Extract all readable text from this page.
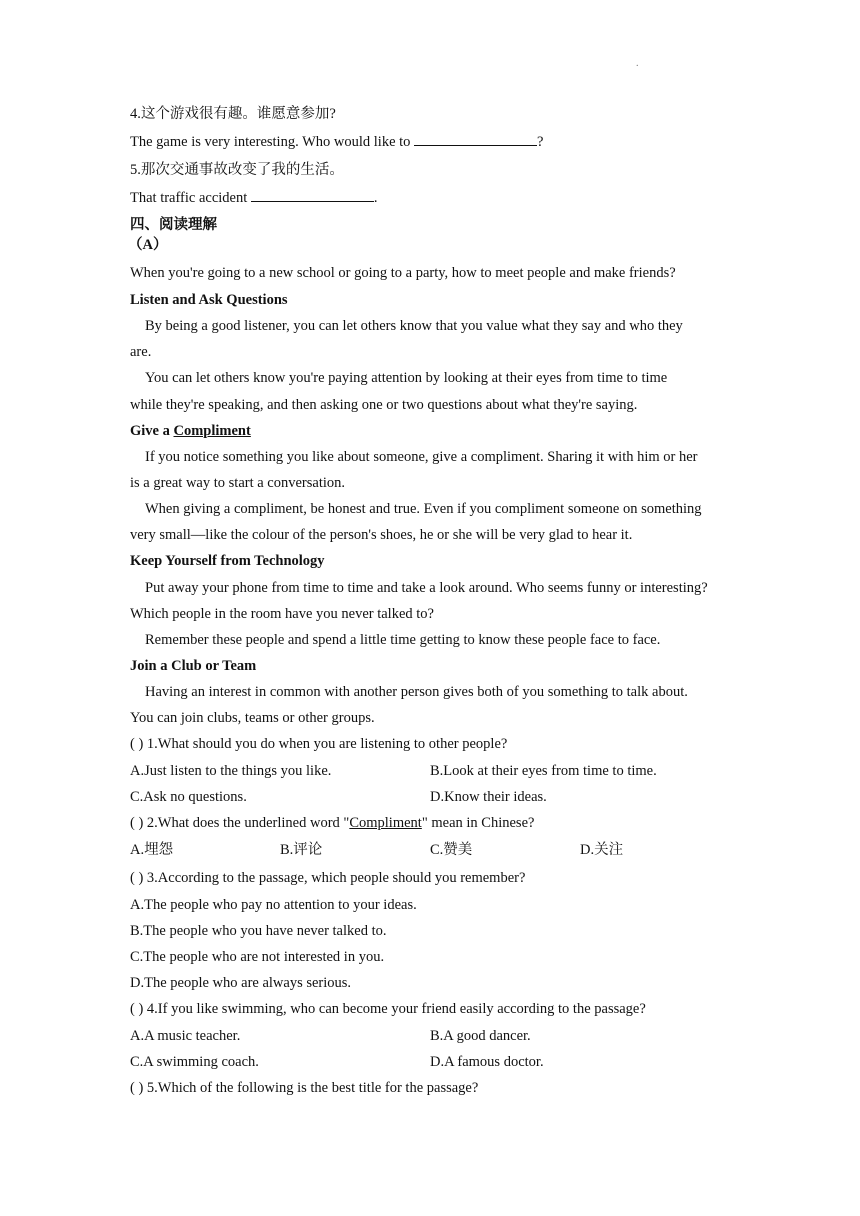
.
4.这个游戏很有趣。谁愿意参加?
The game is very interesting. Who would like to	?
5.那次交通事故改变了我的生活。
That traffic accident	.
四、阅读理解
（A）
When you're going to a new school or going to a party, how to meet people and make friends?
Listen and Ask Questions
By being a good listener, you can let others know that you value what they say and who they
are.
You can let others know you're paying attention by looking at their eyes from time to time
while they're speaking, and then asking one or two questions about what they're saying.
Give a Compliment
If you notice something you like about someone, give a compliment. Sharing it with him or her
is a great way to start a conversation.
When giving a compliment, be honest and true. Even if you compliment someone on something
very small—like the colour of the person's shoes, he or she will be very glad to hear it.
Keep Yourself from Technology
Put away your phone from time to time and take a look around. Who seems funny or interesting?
Which people in the room have you never talked to?
Remember these people and spend a little time getting to know these people face to face.
Join a Club or Team
Having an interest in common with another person gives both of you something to talk about.
You can join clubs, teams or other groups.
( ) 1.What should you do when you are listening to other people?
A.Just listen to the things you like.	B.Look at their eyes from time to time.
C.Ask no questions.	D.Know their ideas.
( ) 2.What does the underlined word "Compliment" mean in Chinese?
A.埋怨	B.评论	C.赞美	D.关注
( ) 3.According to the passage, which people should you remember?
A.The people who pay no attention to your ideas.
B.The people who you have never talked to.
C.The people who are not interested in you.
D.The people who are always serious.
( ) 4.If you like swimming, who can become your friend easily according to the passage?
A.A music teacher.	B.A good dancer.
C.A swimming coach.	D.A famous doctor.
( ) 5.Which of the following is the best title for the passage?
